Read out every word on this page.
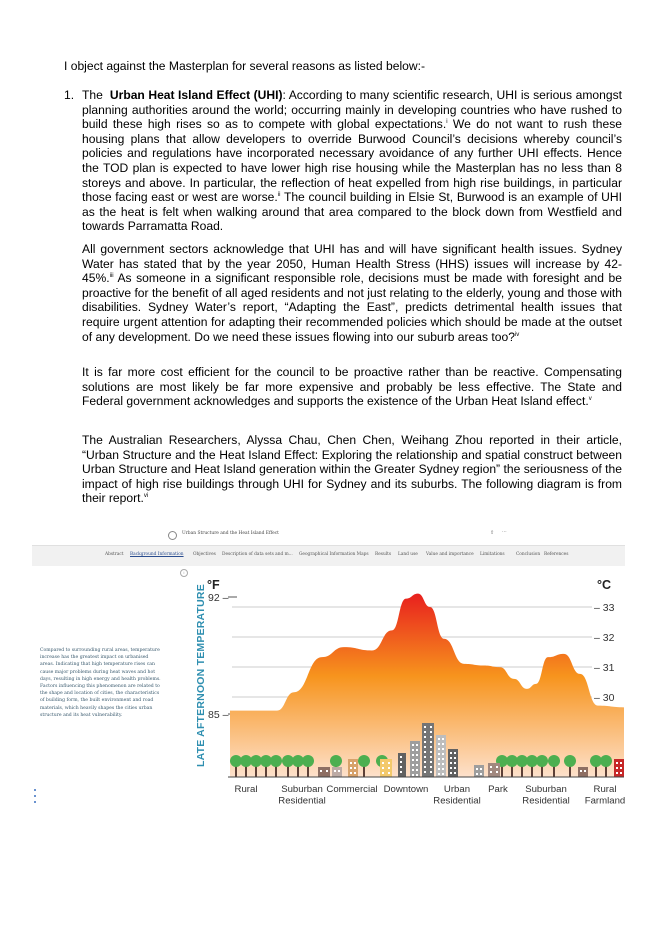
I object against the Masterplan for several reasons as listed below:-

1. The Urban Heat Island Effect (UHI): According to many scientific research, UHI is serious amongst planning authorities around the world; occurring mainly in developing countries who have rushed to build these high rises so as to compete with global expectations.$^i$ We do not want to rush these housing plans that allow developers to override Burwood Council’s decisions whereby council’s policies and regulations have incorporated necessary avoidance of any further UHI effects. Hence the TOD plan is expected to have lower high rise housing while the Masterplan has no less than 8 storeys and above. In particular, the reflection of heat expelled from high rise buildings, in particular those facing east or west are worse.$^{ii}$ The council building in Elsie St, Burwood is an example of UHI as the heat is felt when walking around that area compared to the block down from Westfield and towards Parramatta Road.

All government sectors acknowledge that UHI has and will have significant health issues. Sydney Water has stated that by the year 2050, Human Health Stress (HHS) issues will increase by 42-45%.$^{iii}$ As someone in a significant responsible role, decisions must be made with foresight and be proactive for the benefit of all aged residents and not just relating to the elderly, young and those with disabilities. Sydney Water’s report, “Adapting the East”, predicts detrimental health issues that require urgent attention for adapting their recommended policies which should be made at the outset of any development. Do we need these issues flowing into our suburb areas too?$^{iv}$

It is far more cost efficient for the council to be proactive rather than be reactive. Compensating solutions are most likely be far more expensive and probably be less effective. The State and Federal government acknowledges and supports the existence of the Urban Heat Island effect.$^v$

The Australian Researchers, Alyssa Chau, Chen Chen, Weihang Zhou reported in their article, “Urban Structure and the Heat Island Effect: Exploring the relationship and spatial construct between Urban Structure and Heat Island generation within the Greater Sydney region” the seriousness of the impact of high rise buildings through UHI for Sydney and its suburbs. The following diagram is from their report.$^{vi}$

Urban Structure and the Heat Island Effect	⇧ ···
Abstract Background Information Objectives Description of data sets and m... Geographical Information Maps Results Land use Value and importance Limitations	Conclusion References
i
Compared to surrounding rural areas, temperature increase has the greatest impact on urbanised areas. Indicating that high temperature rises can cause major problems during heat waves and hot days, resulting in high energy and health problems. Factors influencing this phenomenon are related to the shape and location of cities, the characteristics of building form, the built environment and road materials, which heavily shapes the cities urban structure and its heat vulnerability.	85 –
92 –
– 30
– 31
– 32
– 33
Rural	Suburban Residential
Commercial Downtown	Urban Residential
Park	Suburban Residential
Rural Farmland
°F	°C
LATE AFTERNOON TEMPERATURE
